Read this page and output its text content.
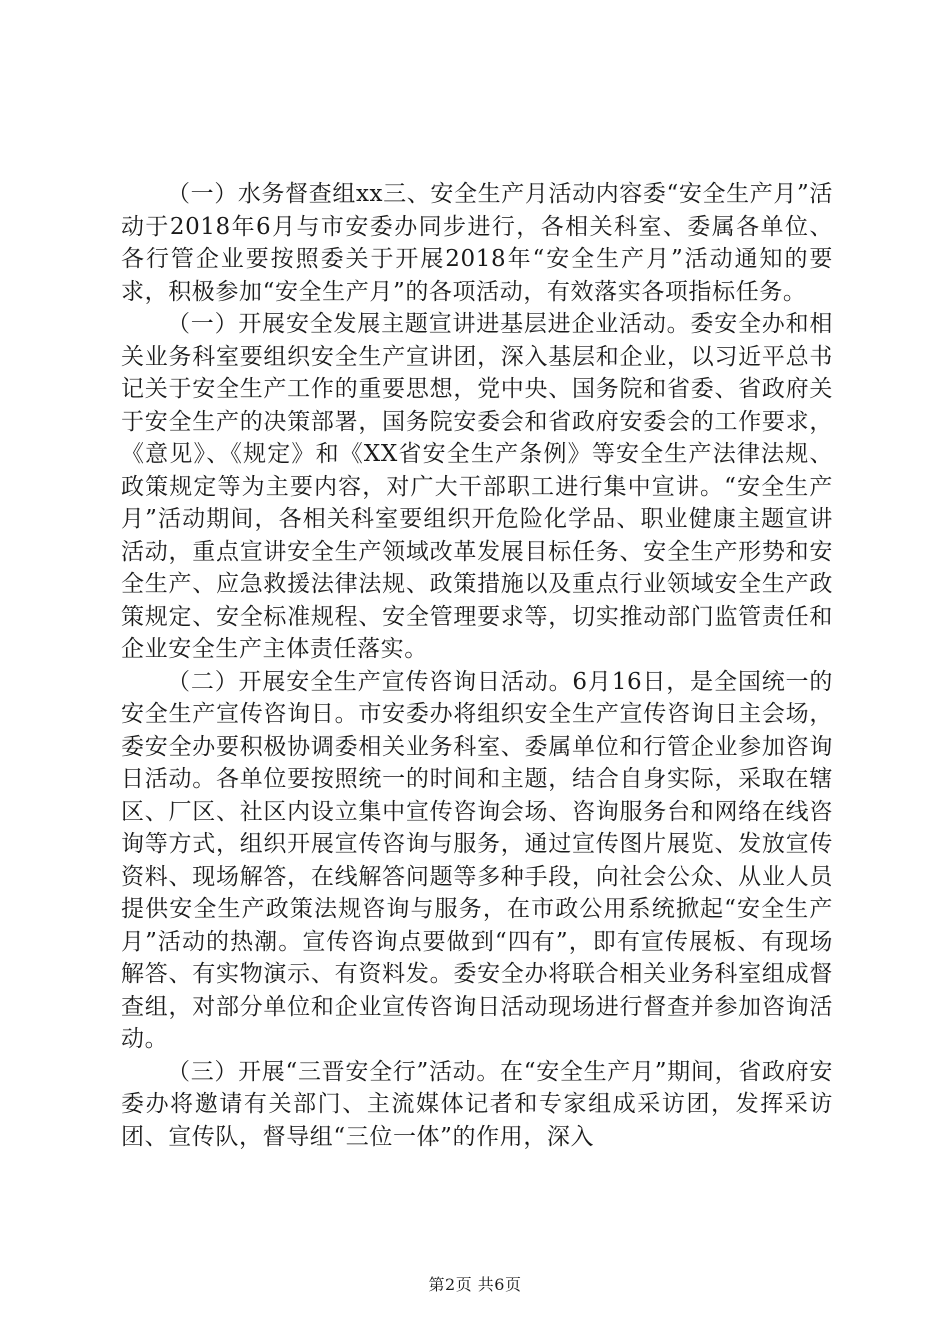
（一）水务督查组xx三、安全生产月活动内容委“安全生产月”活动于2018年6月与市安委办同步进行，各相关科室、委属各单位、各行管企业要按照委关于开展2018年“安全生产月”活动通知的要求，积极参加“安全生产月”的各项活动，有效落实各项指标任务。

（一）开展安全发展主题宣讲进基层进企业活动。委安全办和相关业务科室要组织安全生产宣讲团，深入基层和企业，以习近平总书记关于安全生产工作的重要思想，党中央、国务院和省委、省政府关于安全生产的决策部署，国务院安委会和省政府安委会的工作要求，《意见》、《规定》和《XX省安全生产条例》等安全生产法律法规、政策规定等为主要内容，对广大干部职工进行集中宣讲。“安全生产月”活动期间，各相关科室要组织开危险化学品、职业健康主题宣讲活动，重点宣讲安全生产领域改革发展目标任务、安全生产形势和安全生产、应急救援法律法规、政策措施以及重点行业领域安全生产政策规定、安全标准规程、安全管理要求等，切实推动部门监管责任和企业安全生产主体责任落实。

（二）开展安全生产宣传咨询日活动。6月16日，是全国统一的安全生产宣传咨询日。市安委办将组织安全生产宣传咨询日主会场，委安全办要积极协调委相关业务科室、委属单位和行管企业参加咨询日活动。各单位要按照统一的时间和主题，结合自身实际，采取在辖区、厂区、社区内设立集中宣传咨询会场、咨询服务台和网络在线咨询等方式，组织开展宣传咨询与服务，通过宣传图片展览、发放宣传资料、现场解答，在线解答问题等多种手段，向社会公众、从业人员提供安全生产政策法规咨询与服务，在市政公用系统掀起“安全生产月”活动的热潮。宣传咨询点要做到“四有”，即有宣传展板、有现场解答、有实物演示、有资料发。委安全办将联合相关业务科室组成督查组，对部分单位和企业宣传咨询日活动现场进行督查并参加咨询活动。

（三）开展“三晋安全行”活动。在“安全生产月”期间，省政府安委办将邀请有关部门、主流媒体记者和专家组成采访团，发挥采访团、宣传队，督导组“三位一体”的作用，深入

第2页 共6页
